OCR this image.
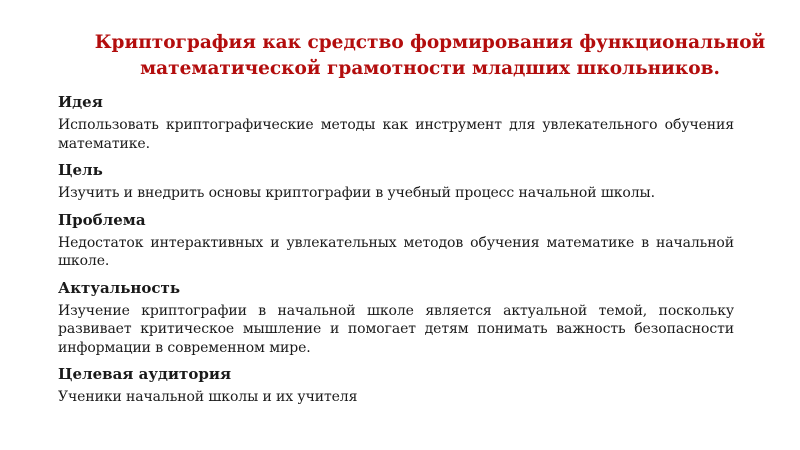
Криптография как средство формирования функциональной
математической грамотности младших школьников.
Идея
Использовать криптографические методы как инструмент для увлекательного обучения математике.
Цель
Изучить и внедрить основы криптографии в учебный процесс начальной школы.
Проблема
Недостаток интерактивных и увлекательных методов обучения математике в начальной школе.
Актуальность
Изучение криптографии в начальной школе является актуальной темой, поскольку развивает критическое мышление и помогает детям понимать важность безопасности информации в современном мире.
Целевая аудитория
Ученики начальной школы и их учителя
